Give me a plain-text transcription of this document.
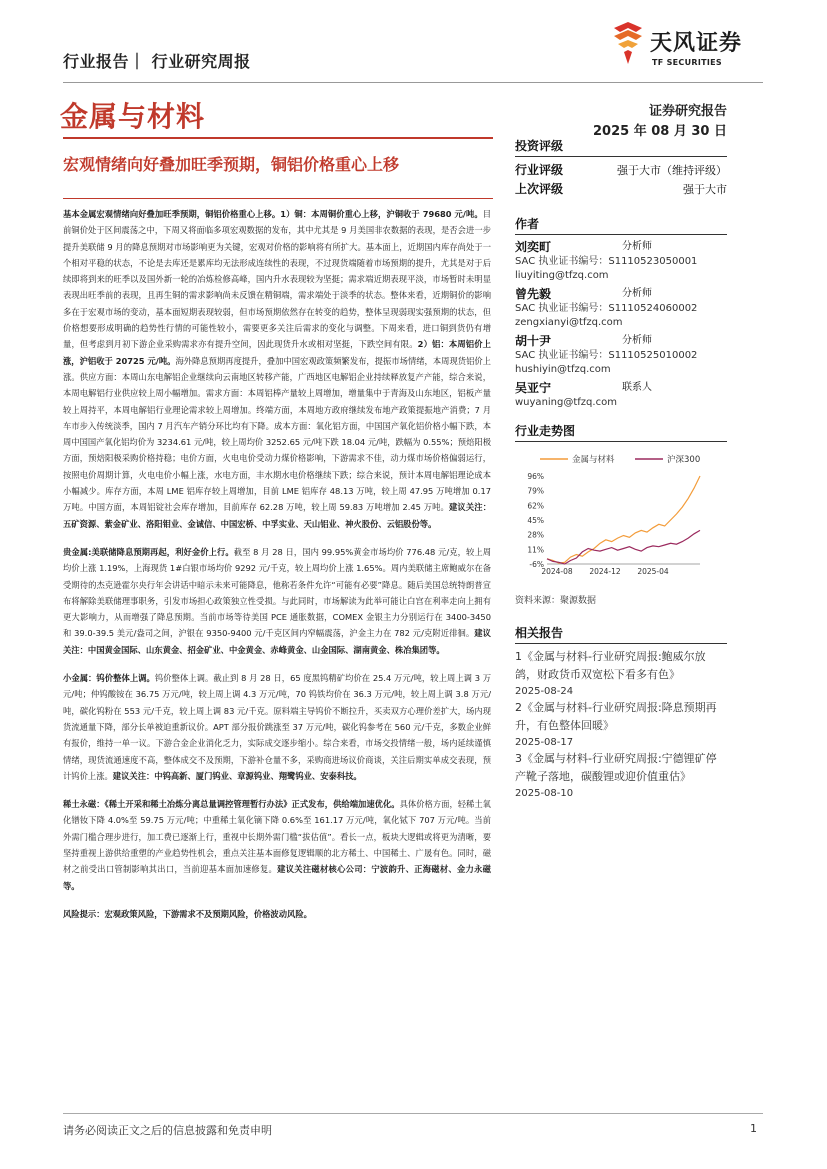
行业报告｜ 行业研究周报
天风证券
TF SECURITIES
金属与材料	证券研究报告
2025 年 08 月 30 日
宏观情绪向好叠加旺季预期，铜铝价格重心上移

基本金属宏观情绪向好叠加旺季预期，铜铝价格重心上移。1）铜：本周铜价重心上移，沪铜收于 79680 元/吨。目前铜价处于区间震荡之中，下周又将面临多项宏观数据的发布，其中尤其是 9 月美国非农数据的表现，是否会进一步提升美联储 9 月的降息预期对市场影响更为关键，宏观对价格的影响将有所扩大。基本面上，近期国内库存尚处于一个相对平稳的状态，不论是去库还是累库均无法形成连续性的表现，不过现货端随着市场预期的提升，尤其是对于后续即将到来的旺季以及国外新一轮的冶炼检修高峰，国内升水表现较为坚挺；需求端近期表现平淡，市场暂时未明显表现出旺季前的表现，且再生铜的需求影响尚未反馈在精铜端，需求端处于淡季的状态。整体来看，近期铜价的影响多在于宏观市场的变动，基本面短期表现较弱，但市场预期依然存在转变的趋势，整体呈现弱现实强预期的状态，但价格想要形成明确的趋势性行情的可能性较小，需要更多关注后需求的变化与调整。下周来看，进口铜到货仍有增量，但考虑到月初下游企业采购需求亦有提升空间，因此现货升水或相对坚挺，下跌空间有限。2）铝：本周铝价上涨，沪铝收于 20725 元/吨。海外降息预期再度提升，叠加中国宏观政策频繁发布，提振市场情绪，本周现货铝价上涨。供应方面：本周山东电解铝企业继续向云南地区转移产能，广西地区电解铝企业持续释放复产产能，综合来说，本周电解铝行业供应较上周小幅增加。需求方面：本周铝棒产量较上周增加，增量集中于青海及山东地区，铝板产量较上周持平，本周电解铝行业理论需求较上周增加。终端方面，本周地方政府继续发布地产政策提振地产消费；7 月车市步入传统淡季，国内 7 月汽车产销分环比均有下降。成本方面：氧化铝方面，中国国产氧化铝价格小幅下跌，本周中国国产氧化铝均价为 3234.61 元/吨，较上周均价 3252.65 元/吨下跌 18.04 元/吨，跌幅为 0.55%；预焙阳极方面，预焙阳极采购价格持稳；电价方面，火电电价受动力煤价格影响，下游需求不佳，动力煤市场价格偏弱运行，按照电价周期计算，火电电价小幅上涨，水电方面，丰水期水电价格继续下跌；综合来说，预计本周电解铝理论成本小幅减少。库存方面，本周 LME 铝库存较上周增加，目前 LME 铝库存 48.13 万吨，较上周 47.95 万吨增加 0.17 万吨。中国方面，本周铝锭社会库存增加，目前库存 62.28 万吨，较上周 59.83 万吨增加 2.45 万吨。建议关注：五矿资源、紫金矿业、洛阳钼业、金诚信、中国宏桥、中孚实业、天山铝业、神火股份、云铝股份等。

贵金属:美联储降息预期再起，利好金价上行。截至 8 月 28 日，国内 99.95%黄金市场均价 776.48 元/克，较上周均价上涨 1.19%，上海现货 1#白银市场均价 9292 元/千克，较上周均价上涨 1.65%。周内美联储主席鲍威尔在备受期待的杰克逊霍尔央行年会讲话中暗示未来可能降息，他称若条件允许“可能有必要”降息。随后美国总统特朗普宣布将解除美联储理事职务，引发市场担心政策独立性受损。与此同时，市场解读为此举可能让白宫在利率走向上拥有更大影响力，从而增强了降息预期。当前市场等待美国 PCE 通胀数据，COMEX 金银主力分别运行在 3400-3450 和 39.0-39.5 美元/盎司之间，沪银在 9350-9400 元/千克区间内窄幅震荡，沪金主力在 782 元/克附近徘徊。建议关注：中国黄金国际、山东黄金、招金矿业、中金黄金、赤峰黄金、山金国际、湖南黄金、株冶集团等。

小金属：钨价整体上调。钨价整体上调。截止到 8 月 28 日，65 度黑钨精矿均价在 25.4 万元/吨，较上周上调 3 万元/吨；仲钨酸铵在 36.75 万元/吨，较上周上调 4.3 万元/吨，70 钨铁均价在 36.3 万元/吨，较上周上调 3.8 万元/吨，碳化钨粉在 553 元/千克，较上周上调 83 元/千克。原料端主导钨价不断拉升，买卖双方心理价差扩大，场内现货流通量下降，部分长单被迫重新议价。APT 部分报价跳涨至 37 万元/吨，碳化钨参考在 560 元/千克，多数企业鲜有报价，维持一单一议。下游合金企业消化乏力，实际成交逐步缩小。综合来看，市场交投情绪一般，场内延续谨慎情绪，现货流通速度不高，整体成交不及预期，下游补仓量不多，采购商进场议价商谈，关注后期实单成交表现，预计钨价上涨。建议关注：中钨高新、厦门钨业、章源钨业、翔鹭钨业、安泰科技。

稀土永磁：《稀土开采和稀土冶炼分离总量调控管理暂行办法》正式发布，供给端加速优化。具体价格方面，轻稀土氧化镨钕下降 4.0%至 59.75 万元/吨；中重稀土氧化镝下降 0.6%至 161.17 万元/吨，氧化铽下 707 万元/吨。当前外需门槛合理步进行，加工费已逐渐上行，重视中长期外需门槛“拔估值”。看长一点，板块大逻辑或将更为清晰，要坚持重视上游供给重塑的产业趋势性机会，重点关注基本面修复逻辑顺的北方稀土、中国稀土、广晟有色。同时，磁材之前受出口管制影响其出口，当前迎基本面加速修复。建议关注磁材核心公司：宁波韵升、正海磁材、金力永磁等。

风险提示：宏观政策风险，下游需求不及预期风险，价格波动风险。

投资评级
行业评级	强于大市（维持评级）
上次评级	强于大市
作者
刘奕町	分析师
SAC 执业证书编号：S1110523050001
liuyiting@tfzq.com
曾先毅	分析师
SAC 执业证书编号：S1110524060002
zengxianyi@tfzq.com
胡十尹	分析师
SAC 执业证书编号：S1110525010002
hushiyin@tfzq.com
吴亚宁	联系人
wuyaning@tfzq.com
行业走势图
金属与材料	沪深300
96%
79%
62%
45%
28%
11%
-6%
2024-08 2024-12 2025-04
资料来源：聚源数据
相关报告
1《金属与材料-行业研究周报:鲍威尔放鸽，财政货币双宽松下看多有色》
2025-08-24
2《金属与材料-行业研究周报:降息预期再升，有色整体回暖》
2025-08-17
3《金属与材料-行业研究周报:宁德锂矿停产靴子落地，碳酸锂或迎价值重估》
2025-08-10
请务必阅读正文之后的信息披露和免责申明	1
